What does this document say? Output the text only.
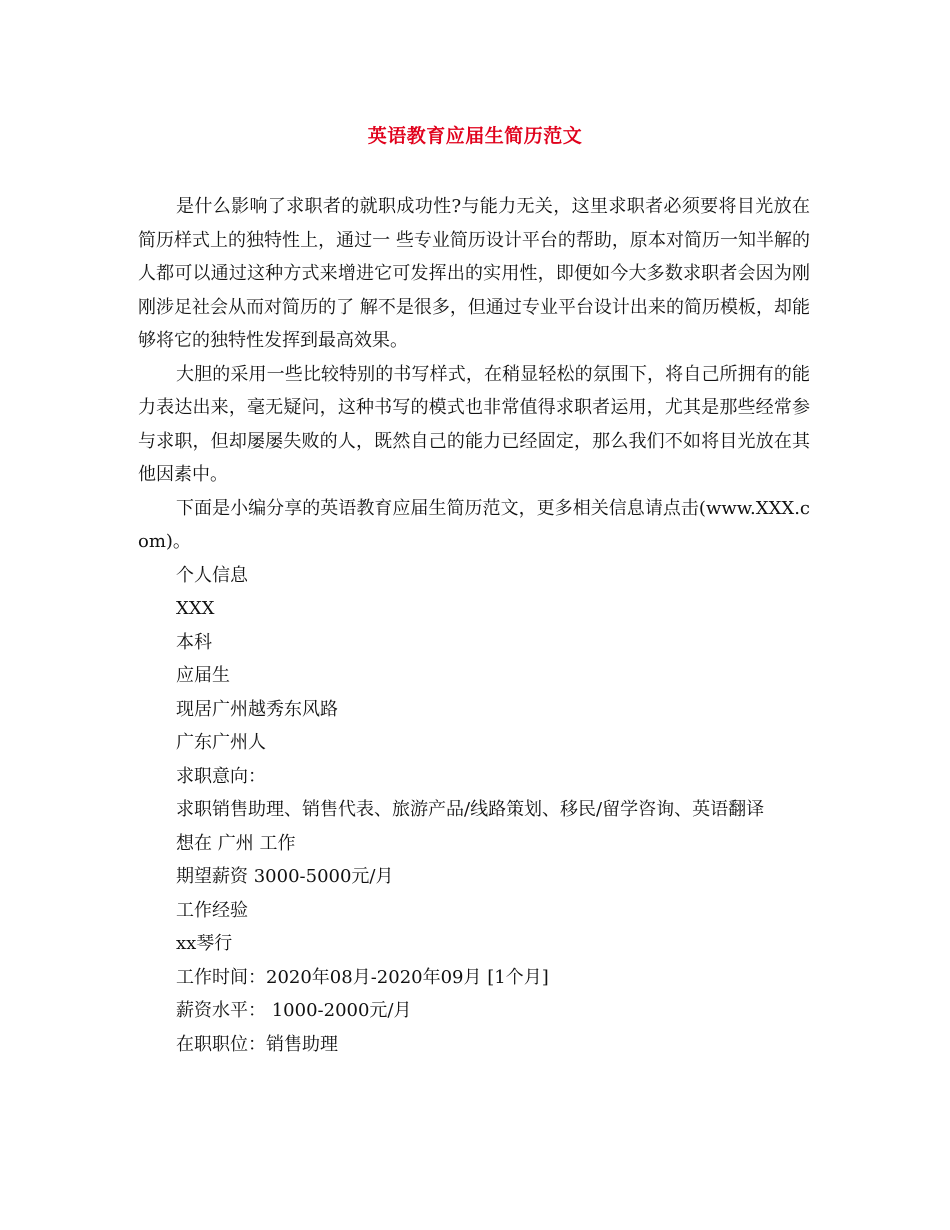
英语教育应届生简历范文

是什么影响了求职者的就职成功性?与能力无关，这里求职者必须要将目光放在简历样式上的独特性上，通过一 些专业简历设计平台的帮助，原本对简历一知半解的人都可以通过这种方式来增进它可发挥出的实用性，即便如今大多数求职者会因为刚刚涉足社会从而对简历的了 解不是很多，但通过专业平台设计出来的简历模板，却能够将它的独特性发挥到最高效果。

大胆的采用一些比较特别的书写样式，在稍显轻松的氛围下，将自己所拥有的能力表达出来，毫无疑问，这种书写的模式也非常值得求职者运用，尤其是那些经常参与求职，但却屡屡失败的人，既然自己的能力已经固定，那么我们不如将目光放在其他因素中。

下面是小编分享的英语教育应届生简历范文，更多相关信息请点击(www.XXX.com)。

个人信息

XXX

本科

应届生

现居广州越秀东风路

广东广州人

求职意向：

求职销售助理、销售代表、旅游产品/线路策划、移民/留学咨询、英语翻译

想在 广州 工作

期望薪资 3000-5000元/月

工作经验

xx琴行

工作时间：2020年08月-2020年09月 [1个月]

薪资水平： 1000-2000元/月

在职职位：销售助理
